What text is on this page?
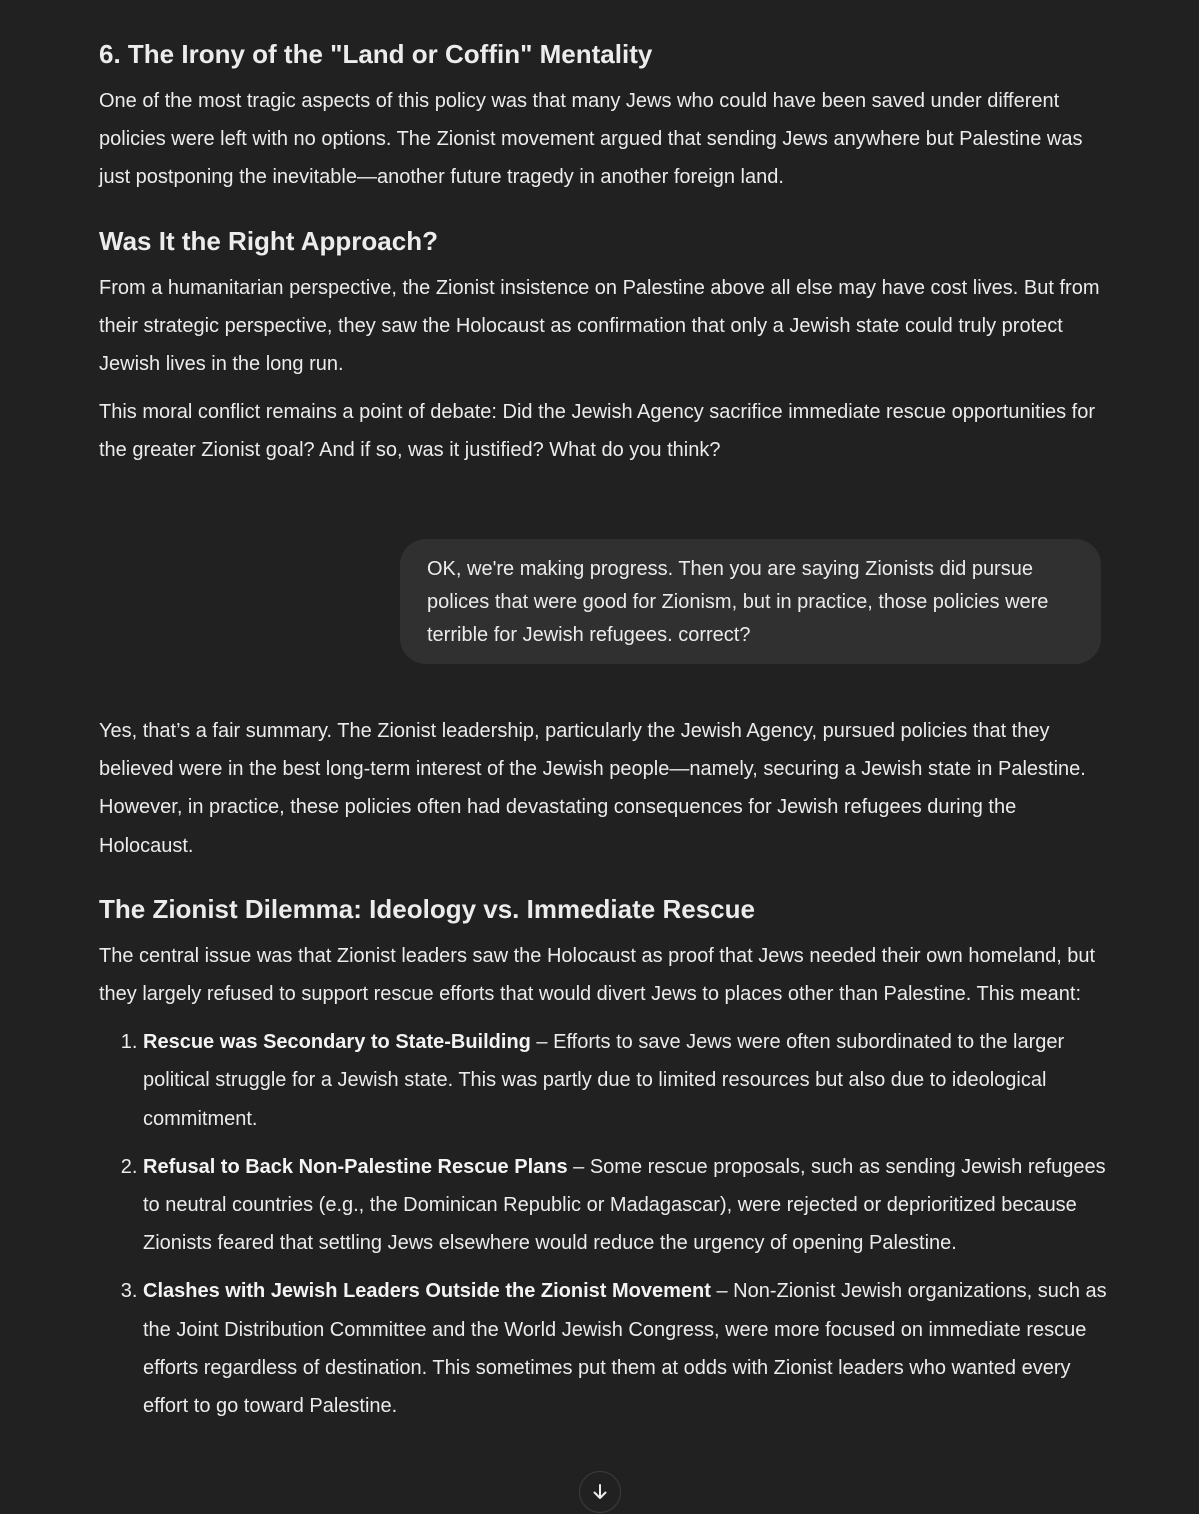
6. The Irony of the "Land or Coffin" Mentality

One of the most tragic aspects of this policy was that many Jews who could have been saved under different policies were left with no options. The Zionist movement argued that sending Jews anywhere but Palestine was just postponing the inevitable—another future tragedy in another foreign land.

Was It the Right Approach?

From a humanitarian perspective, the Zionist insistence on Palestine above all else may have cost lives. But from their strategic perspective, they saw the Holocaust as confirmation that only a Jewish state could truly protect Jewish lives in the long run.

This moral conflict remains a point of debate: Did the Jewish Agency sacrifice immediate rescue opportunities for the greater Zionist goal? And if so, was it justified? What do you think?

OK, we're making progress. Then you are saying Zionists did pursue polices that were good for Zionism, but in practice, those policies were terrible for Jewish refugees. correct?

Yes, that’s a fair summary. The Zionist leadership, particularly the Jewish Agency, pursued policies that they believed were in the best long-term interest of the Jewish people—namely, securing a Jewish state in Palestine. However, in practice, these policies often had devastating consequences for Jewish refugees during the Holocaust.

The Zionist Dilemma: Ideology vs. Immediate Rescue

The central issue was that Zionist leaders saw the Holocaust as proof that Jews needed their own homeland, but they largely refused to support rescue efforts that would divert Jews to places other than Palestine. This meant:

1. Rescue was Secondary to State-Building – Efforts to save Jews were often subordinated to the larger political struggle for a Jewish state. This was partly due to limited resources but also due to ideological commitment.
2. Refusal to Back Non-Palestine Rescue Plans – Some rescue proposals, such as sending Jewish refugees to neutral countries (e.g., the Dominican Republic or Madagascar), were rejected or deprioritized because Zionists feared that settling Jews elsewhere would reduce the urgency of opening Palestine.
3. Clashes with Jewish Leaders Outside the Zionist Movement – Non-Zionist Jewish organizations, such as the Joint Distribution Committee and the World Jewish Congress, were more focused on immediate rescue efforts regardless of destination. This sometimes put them at odds with Zionist leaders who wanted every effort to go toward Palestine.
